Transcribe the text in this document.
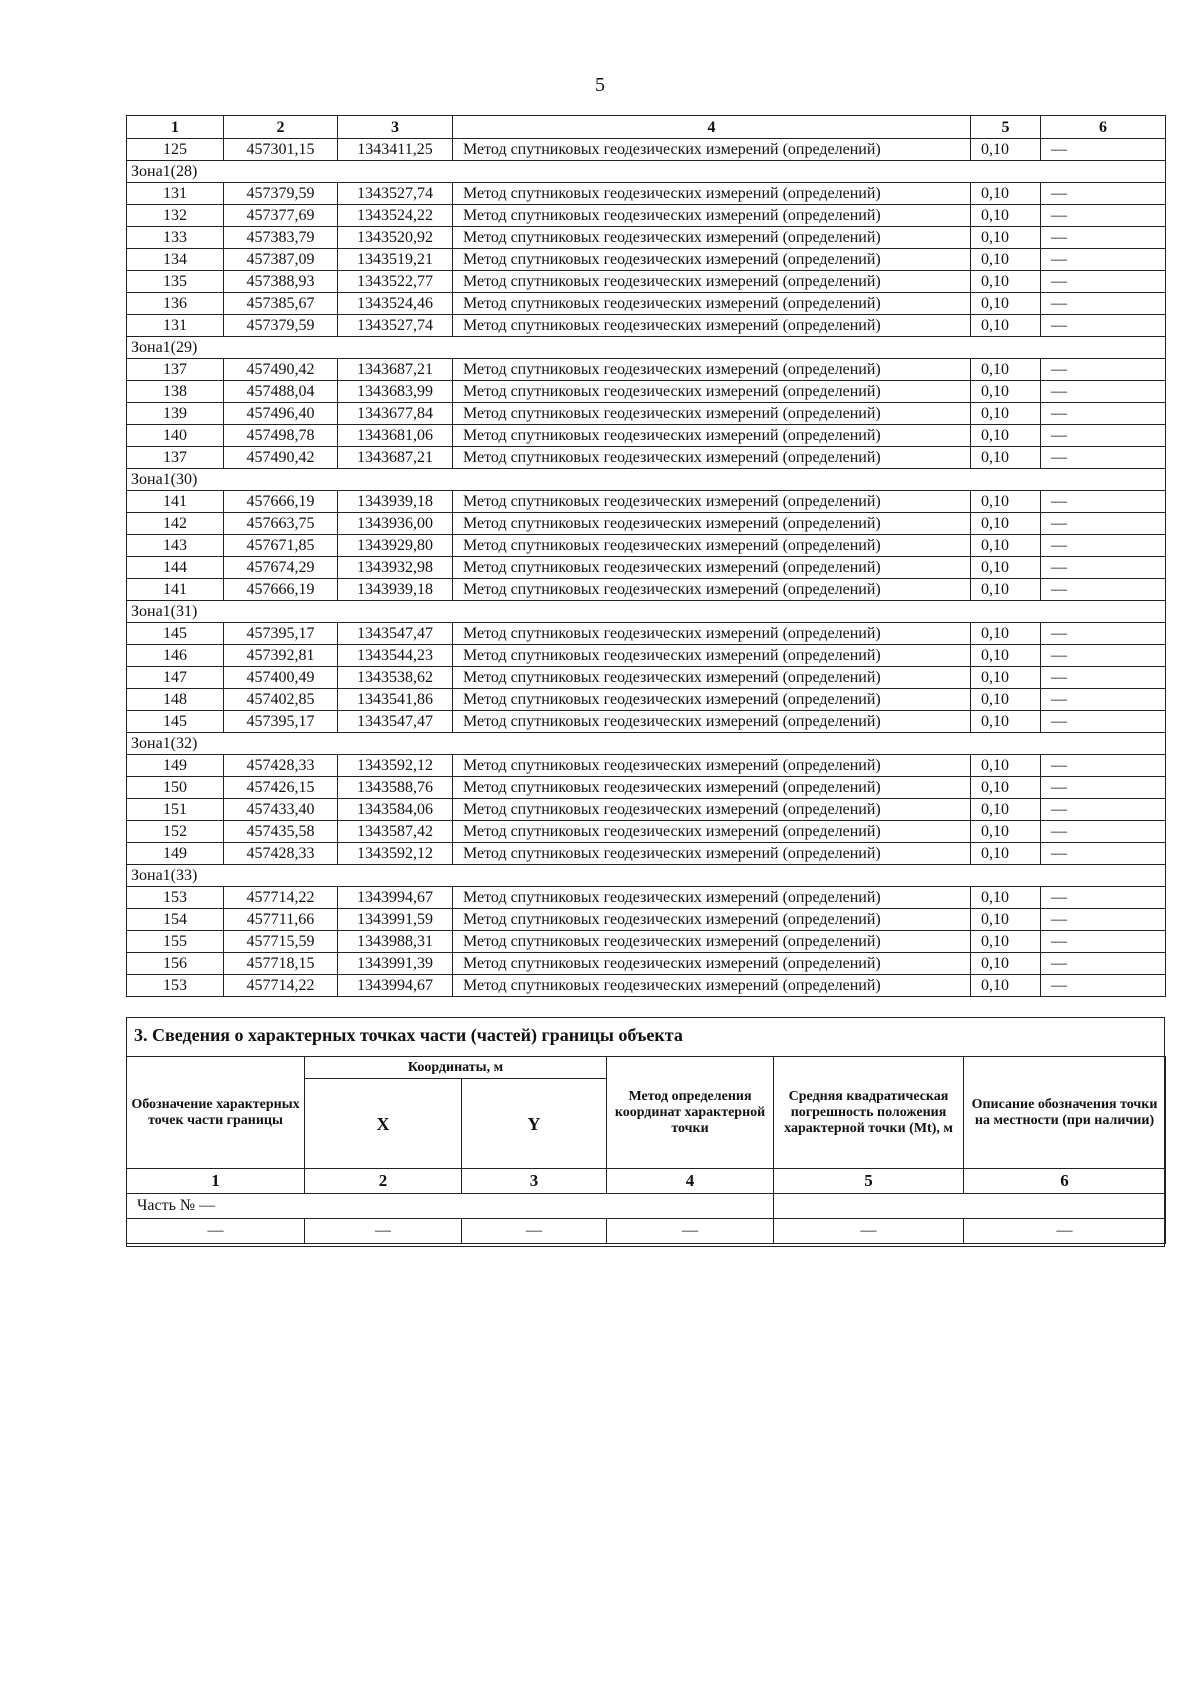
5
1	2	3	4	5	6
125	457301,15	1343411,25	Метод спутниковых геодезических измерений (определений)	0,10	—
Зона1(28)					
131	457379,59	1343527,74	Метод спутниковых геодезических измерений (определений)	0,10	—
132	457377,69	1343524,22	Метод спутниковых геодезических измерений (определений)	0,10	—
133	457383,79	1343520,92	Метод спутниковых геодезических измерений (определений)	0,10	—
134	457387,09	1343519,21	Метод спутниковых геодезических измерений (определений)	0,10	—
135	457388,93	1343522,77	Метод спутниковых геодезических измерений (определений)	0,10	—
136	457385,67	1343524,46	Метод спутниковых геодезических измерений (определений)	0,10	—
131	457379,59	1343527,74	Метод спутниковых геодезических измерений (определений)	0,10	—
Зона1(29)					
137	457490,42	1343687,21	Метод спутниковых геодезических измерений (определений)	0,10	—
138	457488,04	1343683,99	Метод спутниковых геодезических измерений (определений)	0,10	—
139	457496,40	1343677,84	Метод спутниковых геодезических измерений (определений)	0,10	—
140	457498,78	1343681,06	Метод спутниковых геодезических измерений (определений)	0,10	—
137	457490,42	1343687,21	Метод спутниковых геодезических измерений (определений)	0,10	—
Зона1(30)					
141	457666,19	1343939,18	Метод спутниковых геодезических измерений (определений)	0,10	—
142	457663,75	1343936,00	Метод спутниковых геодезических измерений (определений)	0,10	—
143	457671,85	1343929,80	Метод спутниковых геодезических измерений (определений)	0,10	—
144	457674,29	1343932,98	Метод спутниковых геодезических измерений (определений)	0,10	—
141	457666,19	1343939,18	Метод спутниковых геодезических измерений (определений)	0,10	—
Зона1(31)					
145	457395,17	1343547,47	Метод спутниковых геодезических измерений (определений)	0,10	—
146	457392,81	1343544,23	Метод спутниковых геодезических измерений (определений)	0,10	—
147	457400,49	1343538,62	Метод спутниковых геодезических измерений (определений)	0,10	—
148	457402,85	1343541,86	Метод спутниковых геодезических измерений (определений)	0,10	—
145	457395,17	1343547,47	Метод спутниковых геодезических измерений (определений)	0,10	—
Зона1(32)					
149	457428,33	1343592,12	Метод спутниковых геодезических измерений (определений)	0,10	—
150	457426,15	1343588,76	Метод спутниковых геодезических измерений (определений)	0,10	—
151	457433,40	1343584,06	Метод спутниковых геодезических измерений (определений)	0,10	—
152	457435,58	1343587,42	Метод спутниковых геодезических измерений (определений)	0,10	—
149	457428,33	1343592,12	Метод спутниковых геодезических измерений (определений)	0,10	—
Зона1(33)					
153	457714,22	1343994,67	Метод спутниковых геодезических измерений (определений)	0,10	—
154	457711,66	1343991,59	Метод спутниковых геодезических измерений (определений)	0,10	—
155	457715,59	1343988,31	Метод спутниковых геодезических измерений (определений)	0,10	—
156	457718,15	1343991,39	Метод спутниковых геодезических измерений (определений)	0,10	—
153	457714,22	1343994,67	Метод спутниковых геодезических измерений (определений)	0,10	—
3. Сведения о характерных точках части (частей) границы объекта
Обозначение характерных точек части границы	Координаты, м		Метод определения координат характерной точки	Средняя квадратическая погрешность положения характерной точки (Mt), м	Описание обозначения точки на местности (при наличии)
	X	Y			
1	2	3	4	5	6
Часть № —					
—	—	—	—	—	—
